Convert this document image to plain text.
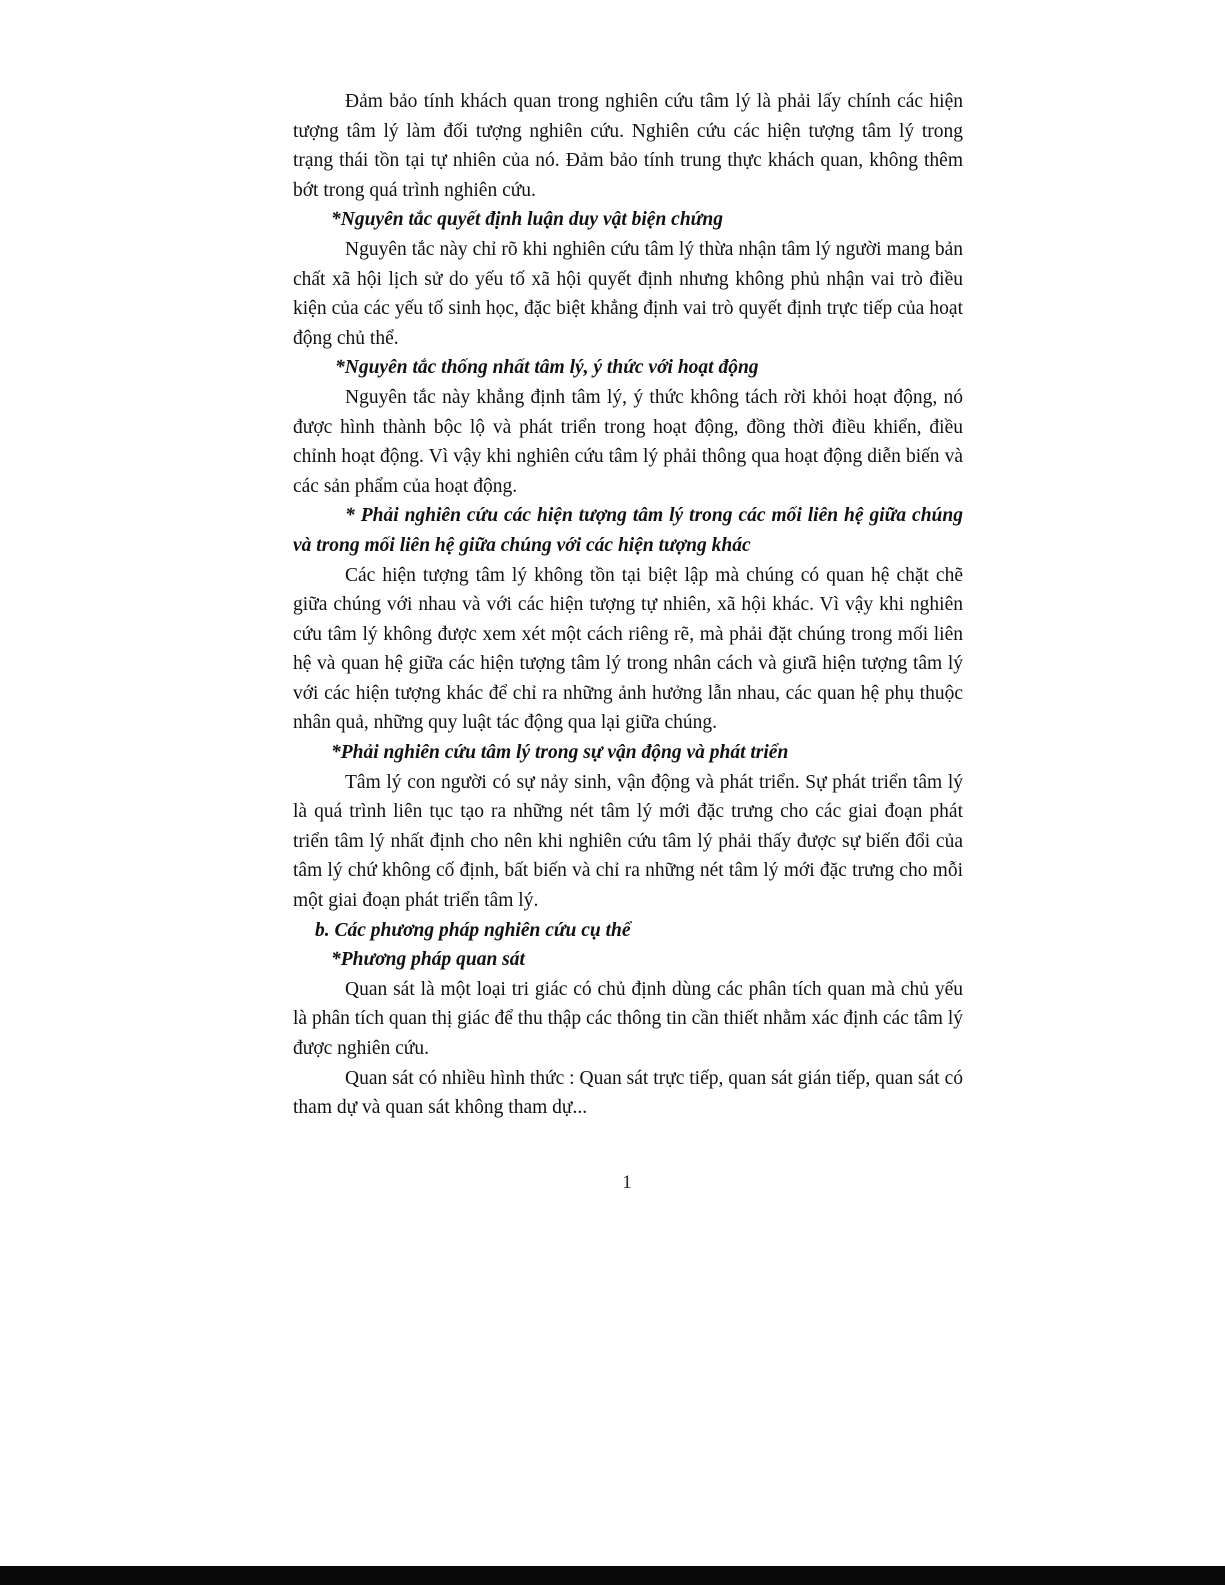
Đảm bảo tính khách quan trong nghiên cứu tâm lý là phải lấy chính các hiện tượng tâm lý làm đối tượng nghiên cứu. Nghiên cứu các hiện tượng tâm lý trong trạng thái tồn tại tự nhiên của nó. Đảm bảo tính trung thực khách quan, không thêm bớt trong quá trình nghiên cứu.

*Nguyên tắc quyết định luận duy vật biện chứng

Nguyên tắc này chỉ rõ khi nghiên cứu tâm lý thừa nhận tâm lý người mang bản chất xã hội lịch sử do yếu tố xã hội quyết định nhưng không phủ nhận vai trò điều kiện của các yếu tố sinh học, đặc biệt khẳng định vai trò quyết định trực tiếp của hoạt động chủ thể.

*Nguyên tắc thống nhất tâm lý, ý thức với hoạt động

Nguyên tắc này khẳng định tâm lý, ý thức không tách rời khỏi hoạt động, nó được hình thành bộc lộ và phát triển trong hoạt động, đồng thời điều khiển, điều chỉnh hoạt động. Vì vậy khi nghiên cứu tâm lý phải thông qua hoạt động diễn biến và các sản phẩm của hoạt động.

* Phải nghiên cứu các hiện tượng tâm lý trong các mối liên hệ giữa chúng và trong mối liên hệ giữa chúng với các hiện tượng khác

Các hiện tượng tâm lý không tồn tại biệt lập mà chúng có quan hệ chặt chẽ giữa chúng với nhau và với các hiện tượng tự nhiên, xã hội khác. Vì vậy khi nghiên cứu tâm lý không được xem xét một cách riêng rẽ, mà phải đặt chúng trong mối liên hệ và quan hệ giữa các hiện tượng tâm lý trong nhân cách và giưã hiện tượng tâm lý với các hiện tượng khác để chỉ ra những ảnh hưởng lẫn nhau, các quan hệ phụ thuộc nhân quả, những quy luật tác động qua lại giữa chúng.

*Phải nghiên cứu tâm lý trong sự vận động và phát triển

Tâm lý con người có sự nảy sinh, vận động và phát triển. Sự phát triển tâm lý là quá trình liên tục tạo ra những nét tâm lý mới đặc trưng cho các giai đoạn phát triển tâm lý nhất định cho nên khi nghiên cứu tâm lý phải thấy được sự biến đổi của tâm lý chứ không cố định, bất biến và chỉ ra những nét tâm lý mới đặc trưng cho mỗi một giai đoạn phát triển tâm lý.

b. Các phương pháp nghiên cứu cụ thể

*Phương pháp quan sát

Quan sát là một loại tri giác có chủ định dùng các phân tích quan mà chủ yếu là phân tích quan thị giác để thu thập các thông tin cần thiết nhằm xác định các tâm lý được nghiên cứu.

Quan sát có nhiều hình thức : Quan sát trực tiếp, quan sát gián tiếp, quan sát có tham dự và quan sát không tham dự...

1
